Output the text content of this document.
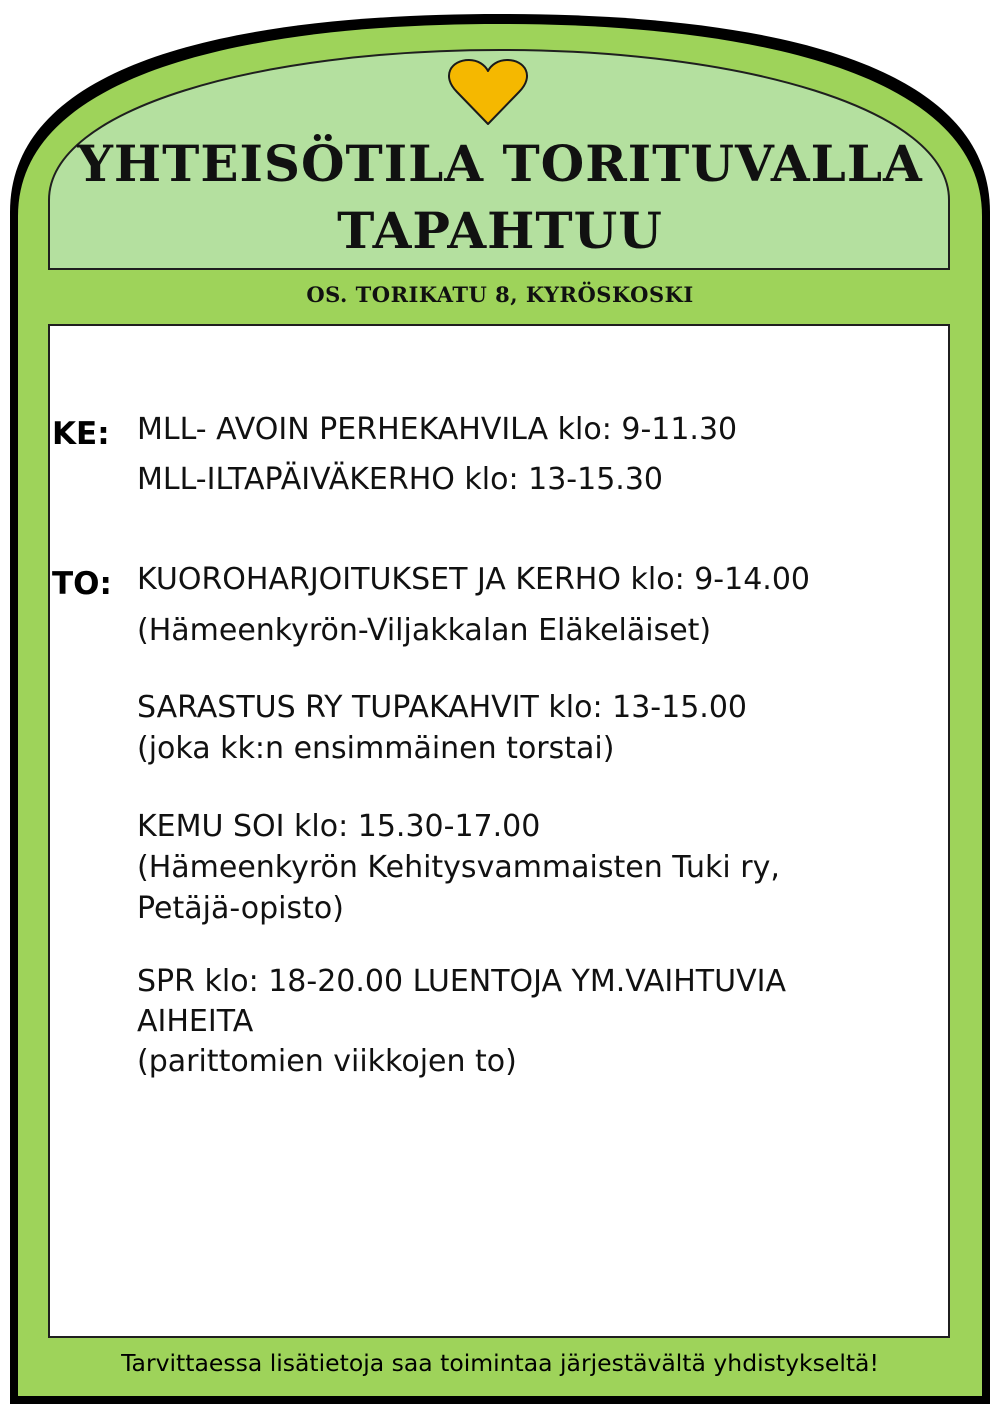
YHTEISÖTILA TORITUVALLA
TAPAHTUU
OS. TORIKATU 8, KYRÖSKOSKI
KE: MLL- AVOIN PERHEKAHVILA klo: 9-11.30
MLL-ILTAPÄIVÄKERHO klo: 13-15.30
TO: KUOROHARJOITUKSET JA KERHO klo: 9-14.00
(Hämeenkyrön-Viljakkalan Eläkeläiset)
SARASTUS RY TUPAKAHVIT klo: 13-15.00
(joka kk:n ensimmäinen torstai)
KEMU SOI klo: 15.30-17.00
(Hämeenkyrön Kehitysvammaisten Tuki ry,
Petäjä-opisto)
SPR klo: 18-20.00 LUENTOJA YM.VAIHTUVIA
AIHEITA
(parittomien viikkojen to)
Tarvittaessa lisätietoja saa toimintaa järjestävältä yhdistykseltä!
